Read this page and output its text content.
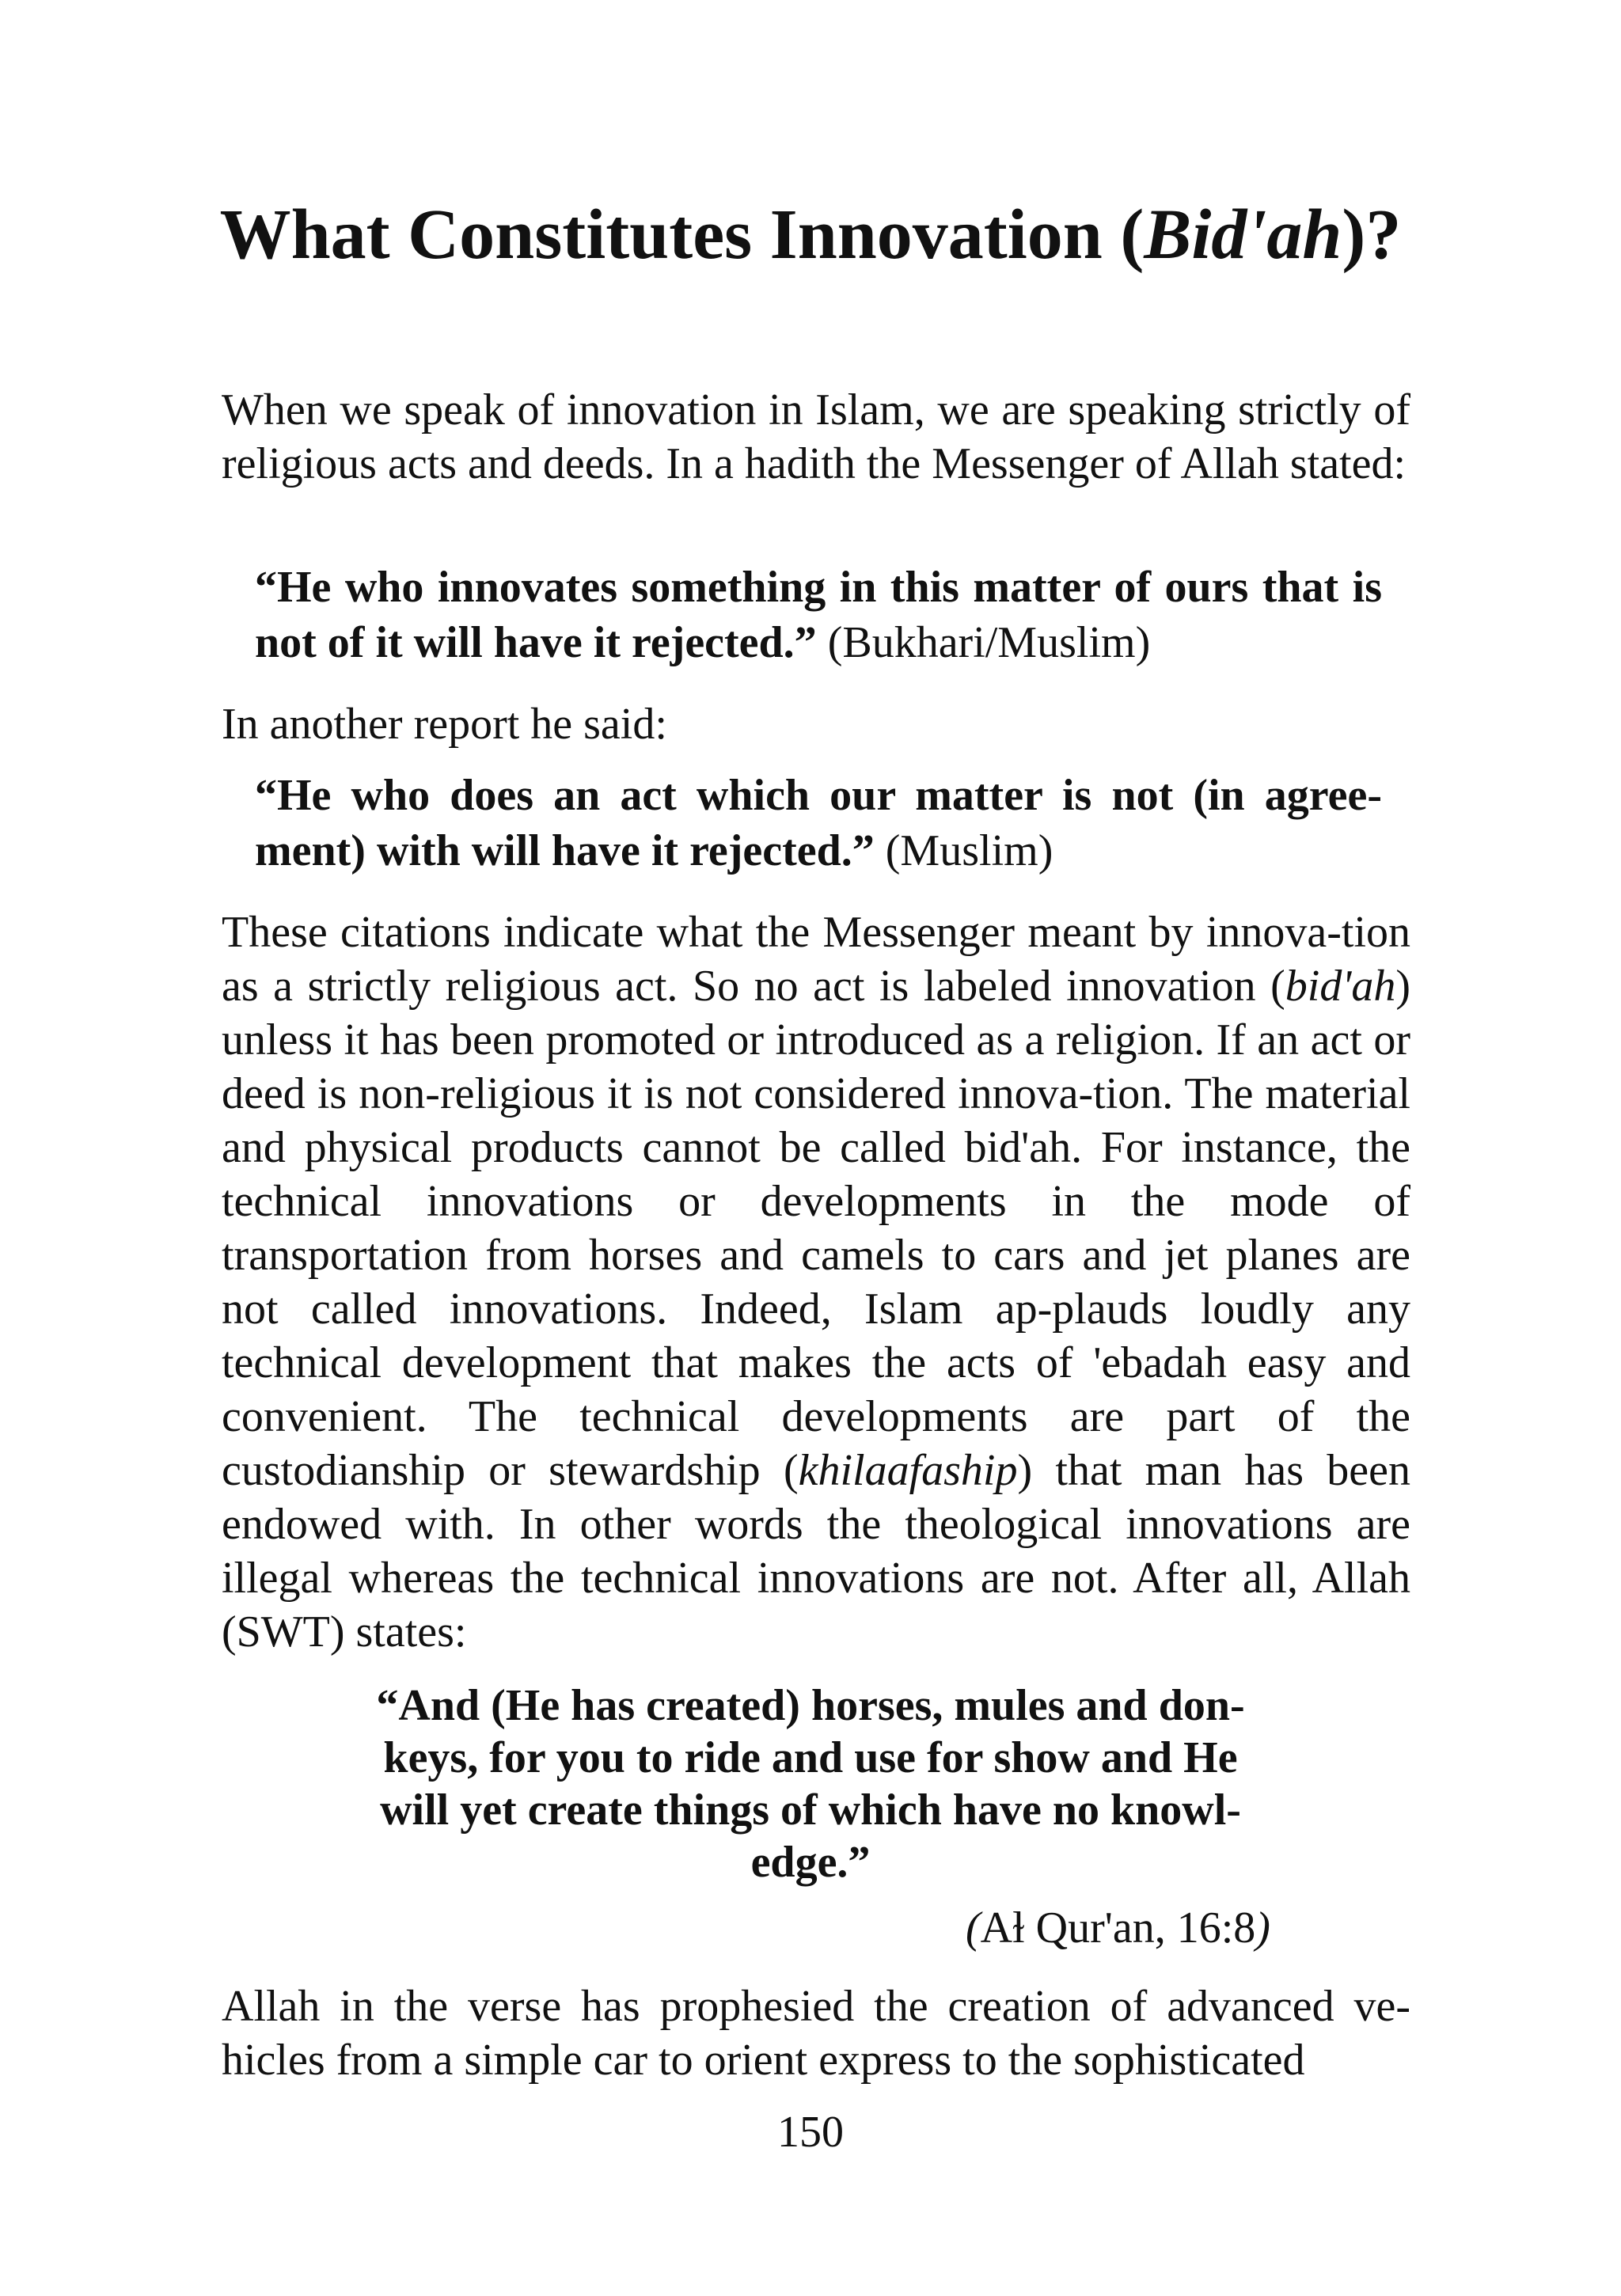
What Constitutes Innovation (Bid'ah)?

When we speak of innovation in Islam, we are speaking strictly of religious acts and deeds. In a hadith the Messenger of Allah stated:

“He who innovates something in this matter of ours that is not of it will have it rejected.” (Bukhari/Muslim)

In another report he said:

“He who does an act which our matter is not (in agree-ment) with will have it rejected.” (Muslim)

These citations indicate what the Messenger meant by innova-tion as a strictly religious act. So no act is labeled innovation (bid'ah) unless it has been promoted or introduced as a religion. If an act or deed is non-religious it is not considered innova-tion. The material and physical products cannot be called bid'ah. For instance, the technical innovations or developments in the mode of transportation from horses and camels to cars and jet planes are not called innovations. Indeed, Islam ap-plauds loudly any technical development that makes the acts of 'ebadah easy and convenient. The technical developments are part of the custodianship or stewardship (khilaafaship) that man has been endowed with. In other words the theological innovations are illegal whereas the technical innovations are not. After all, Allah (SWT) states:

“And (He has created) horses, mules and don-keys, for you to ride and use for show and He will yet create things of which have no knowl-edge.”

(Aɫ Qur'an, 16:8)

Allah in the verse has prophesied the creation of advanced ve-hicles from a simple car to orient express to the sophisticated

150
